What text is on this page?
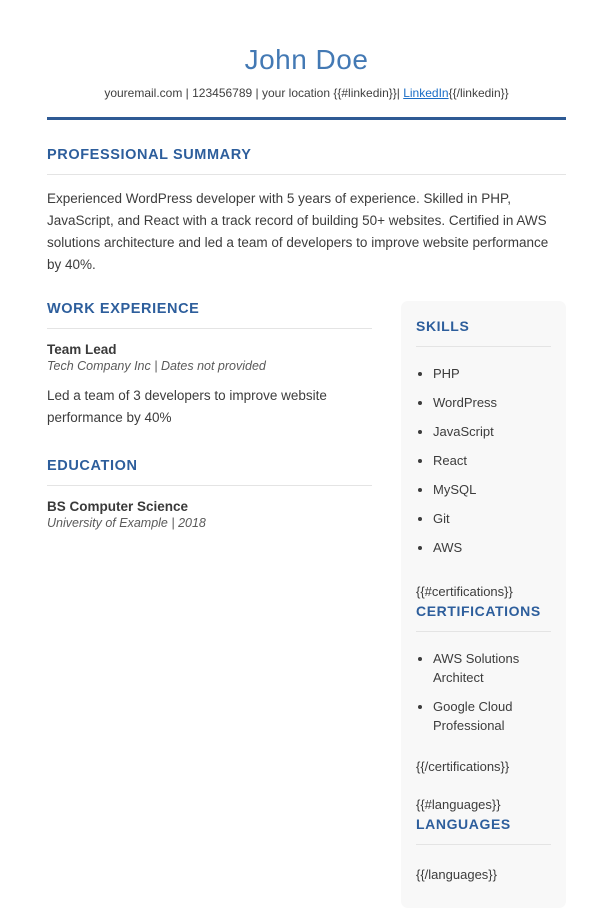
John Doe

youremail.com | 123456789 | your location {{#linkedin}}| LinkedIn{{/linkedin}}

PROFESSIONAL SUMMARY

Experienced WordPress developer with 5 years of experience. Skilled in PHP, JavaScript, and React with a track record of building 50+ websites. Certified in AWS solutions architecture and led a team of developers to improve website performance by 40%.

WORK EXPERIENCE

Team Lead

Tech Company Inc | Dates not provided

Led a team of 3 developers to improve website performance by 40%

EDUCATION

BS Computer Science

University of Example | 2018

SKILLS
• PHP
• WordPress
• JavaScript
• React
• MySQL
• Git
• AWS

{{#certifications}}

CERTIFICATIONS
• AWS Solutions Architect
• Google Cloud Professional

{{/certifications}}

{{#languages}}

LANGUAGES

{{/languages}}
